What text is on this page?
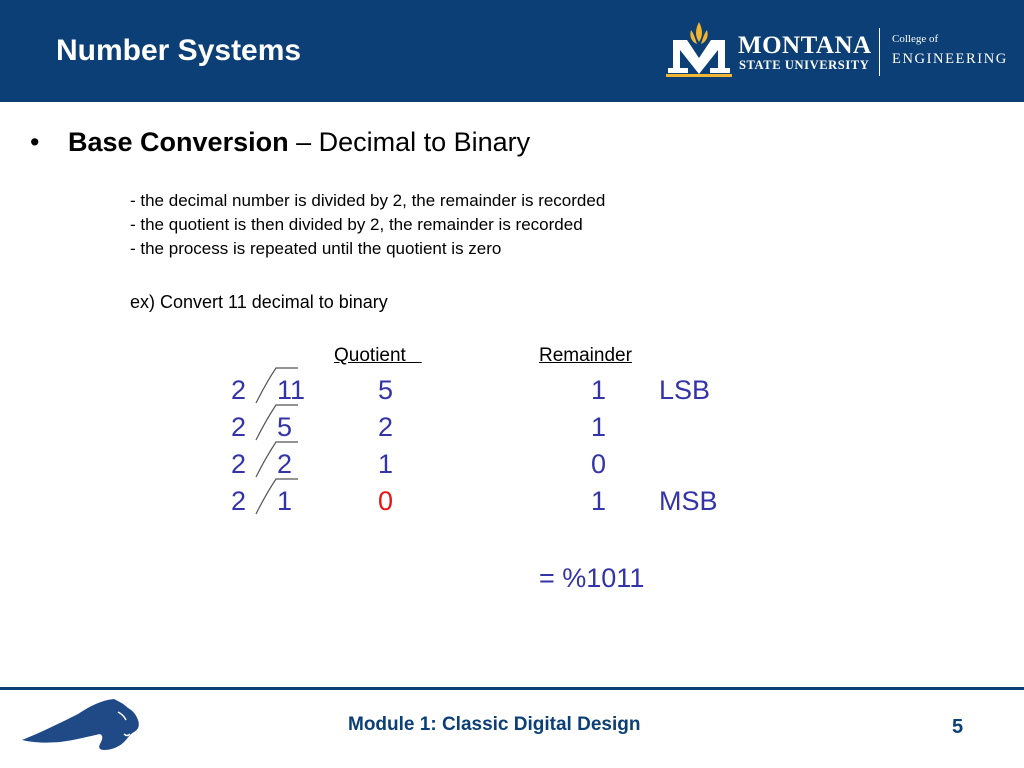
Number Systems	MONTANA
STATE UNIVERSITY
College of
ENGINEERING
• Base Conversion – Decimal to Binary
- the decimal number is divided by 2, the remainder is recorded
- the quotient is then divided by 2, the remainder is recorded
- the process is repeated until the quotient is zero
ex) Convert 11 decimal to binary
Quotient	Remainder
2 11	5	1 LSB
2 5	2	1
2 2	1	0
2 1	0	1 MSB
= %1011
Module 1: Classic Digital Design	5
